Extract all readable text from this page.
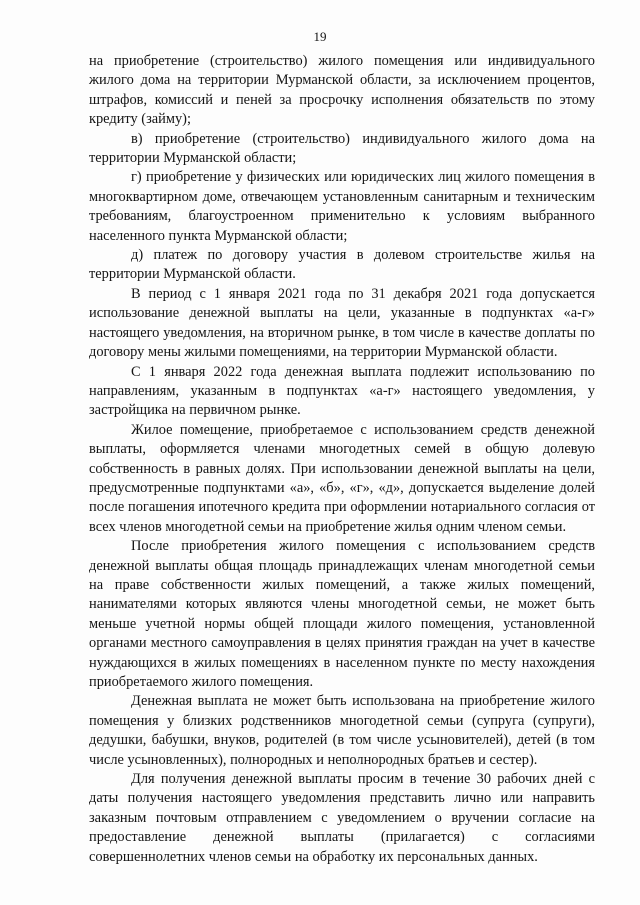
19

на приобретение (строительство) жилого помещения или индивидуального жилого дома на территории Мурманской области, за исключением процентов, штрафов, комиссий и пеней за просрочку исполнения обязательств по этому кредиту (займу);

в) приобретение (строительство) индивидуального жилого дома на территории Мурманской области;

г) приобретение у физических или юридических лиц жилого помещения в многоквартирном доме, отвечающем установленным санитарным и техническим требованиям, благоустроенном применительно к условиям выбранного населенного пункта Мурманской области;

д) платеж по договору участия в долевом строительстве жилья на территории Мурманской области.

В период с 1 января 2021 года по 31 декабря 2021 года допускается использование денежной выплаты на цели, указанные в подпунктах «а-г» настоящего уведомления, на вторичном рынке, в том числе в качестве доплаты по договору мены жилыми помещениями, на территории Мурманской области.

С 1 января 2022 года денежная выплата подлежит использованию по направлениям, указанным в подпунктах «а-г» настоящего уведомления, у застройщика на первичном рынке.

Жилое помещение, приобретаемое с использованием средств денежной выплаты, оформляется членами многодетных семей в общую долевую собственность в равных долях. При использовании денежной выплаты на цели, предусмотренные подпунктами «а», «б», «г», «д», допускается выделение долей после погашения ипотечного кредита при оформлении нотариального согласия от всех членов многодетной семьи на приобретение жилья одним членом семьи.

После приобретения жилого помещения с использованием средств денежной выплаты общая площадь принадлежащих членам многодетной семьи на праве собственности жилых помещений, а также жилых помещений, нанимателями которых являются члены многодетной семьи, не может быть меньше учетной нормы общей площади жилого помещения, установленной органами местного самоуправления в целях принятия граждан на учет в качестве нуждающихся в жилых помещениях в населенном пункте по месту нахождения приобретаемого жилого помещения.

Денежная выплата не может быть использована на приобретение жилого помещения у близких родственников многодетной семьи (супруга (супруги), дедушки, бабушки, внуков, родителей (в том числе усыновителей), детей (в том числе усыновленных), полнородных и неполнородных братьев и сестер).

Для получения денежной выплаты просим в течение 30 рабочих дней с даты получения настоящего уведомления представить лично или направить заказным почтовым отправлением с уведомлением о вручении согласие на предоставление денежной выплаты (прилагается) с согласиями совершеннолетних членов семьи на обработку их персональных данных.
